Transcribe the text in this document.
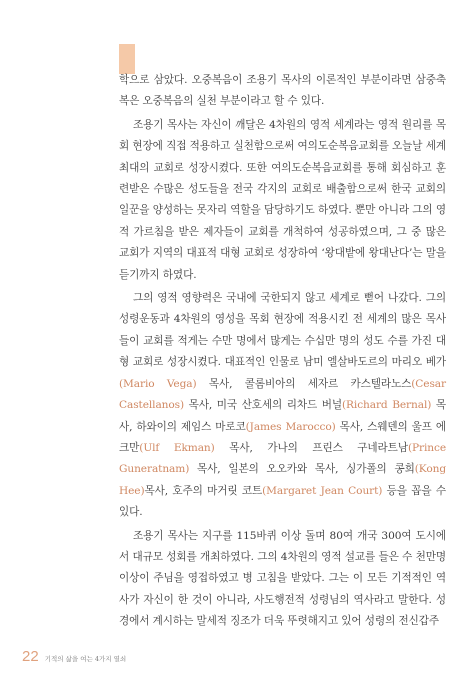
학으로 삼았다. 오중복음이 조용기 목사의 이론적인 부분이라면 삼중축복은 오중복음의 실천 부분이라고 할 수 있다.

조용기 목사는 자신이 깨달은 4차원의 영적 세계라는 영적 원리를 목회 현장에 직접 적용하고 실천함으로써 여의도순복음교회를 오늘날 세계 최대의 교회로 성장시켰다. 또한 여의도순복음교회를 통해 회심하고 훈련받은 수많은 성도들을 전국 각지의 교회로 배출함으로써 한국 교회의 일꾼을 양성하는 못자리 역할을 담당하기도 하였다. 뿐만 아니라 그의 영적 가르침을 받은 제자들이 교회를 개척하여 성공하였으며, 그 중 많은 교회가 지역의 대표적 대형 교회로 성장하여 ‘왕대밭에 왕대난다’는 말을 듣기까지 하였다.

그의 영적 영향력은 국내에 국한되지 않고 세계로 뻗어 나갔다. 그의 성령운동과 4차원의 영성을 목회 현장에 적용시킨 전 세계의 많은 목사들이 교회를 적게는 수만 명에서 많게는 수십만 명의 성도 수를 가진 대형 교회로 성장시켰다. 대표적인 인물로 남미 엘살바도르의 마리오 베가(Mario Vega) 목사, 콜롬비아의 세자르 카스텔라노스(Cesar Castellanos) 목사, 미국 산호세의 리차드 버널(Richard Bernal) 목사, 하와이의 제임스 마로코(James Marocco) 목사, 스웨덴의 울프 에크만(Ulf Ekman) 목사, 가나의 프린스 구네라트남(Prince Guneratnam) 목사, 일본의 오오카와 목사, 싱가폴의 콩희(Kong Hee)목사, 호주의 마거릿 코트(Margaret Jean Court) 등을 꼽을 수 있다.

조용기 목사는 지구를 115바퀴 이상 돌며 80여 개국 300여 도시에서 대규모 성회를 개최하였다. 그의 4차원의 영적 설교를 들은 수 천만명 이상이 주님을 영접하였고 병 고침을 받았다. 그는 이 모든 기적적인 역사가 자신이 한 것이 아니라, 사도행전적 성령님의 역사라고 말한다. 성경에서 계시하는 말세적 징조가 더욱 뚜렷해지고 있어 성령의 전신갑주

22 기적의 삶을 여는 4가지 열쇠
